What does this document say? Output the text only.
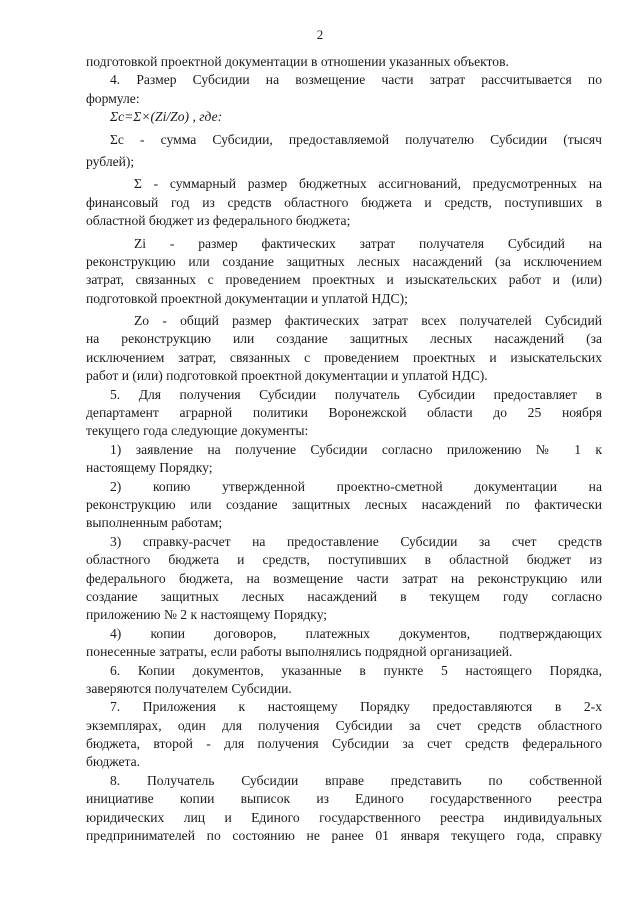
2
подготовкой проектной документации в отношении указанных объектов.
4. Размер Субсидии на возмещение части затрат рассчитывается по
формуле:
Σc=Σ×(Zi/Zo) , где:
Σc - сумма Субсидии, предоставляемой получателю Субсидии (тысяч
рублей);
Σ - суммарный размер бюджетных ассигнований, предусмотренных на
финансовый год из средств областного бюджета и средств, поступивших в
областной бюджет из федерального бюджета;
Zi - размер фактических затрат получателя Субсидий на
реконструкцию или создание защитных лесных насаждений (за исключением
затрат, связанных с проведением проектных и изыскательских работ и (или)
подготовкой проектной документации и уплатой НДС);
Zo - общий размер фактических затрат всех получателей Субсидий
на реконструкцию или создание защитных лесных насаждений (за
исключением затрат, связанных с проведением проектных и изыскательских
работ и (или) подготовкой проектной документации и уплатой НДС).
5. Для получения Субсидии получатель Субсидии предоставляет в
департамент аграрной политики Воронежской области до 25 ноября
текущего года следующие документы:
1) заявление на получение Субсидии согласно приложению № 1 к
настоящему Порядку;
2) копию утвержденной проектно-сметной документации на
реконструкцию или создание защитных лесных насаждений по фактически
выполненным работам;
3) справку-расчет на предоставление Субсидии за счет средств
областного бюджета и средств, поступивших в областной бюджет из
федерального бюджета, на возмещение части затрат на реконструкцию или
создание защитных лесных насаждений в текущем году согласно
приложению № 2 к настоящему Порядку;
4) копии договоров, платежных документов, подтверждающих
понесенные затраты, если работы выполнялись подрядной организацией.
6. Копии документов, указанные в пункте 5 настоящего Порядка,
заверяются получателем Субсидии.
7. Приложения к настоящему Порядку предоставляются в 2-х
экземплярах, один для получения Субсидии за счет средств областного
бюджета, второй - для получения Субсидии за счет средств федерального
бюджета.
8. Получатель Субсидии вправе представить по собственной
инициативе копии выписок из Единого государственного реестра
юридических лиц и Единого государственного реестра индивидуальных
предпринимателей по состоянию не ранее 01 января текущего года, справку
